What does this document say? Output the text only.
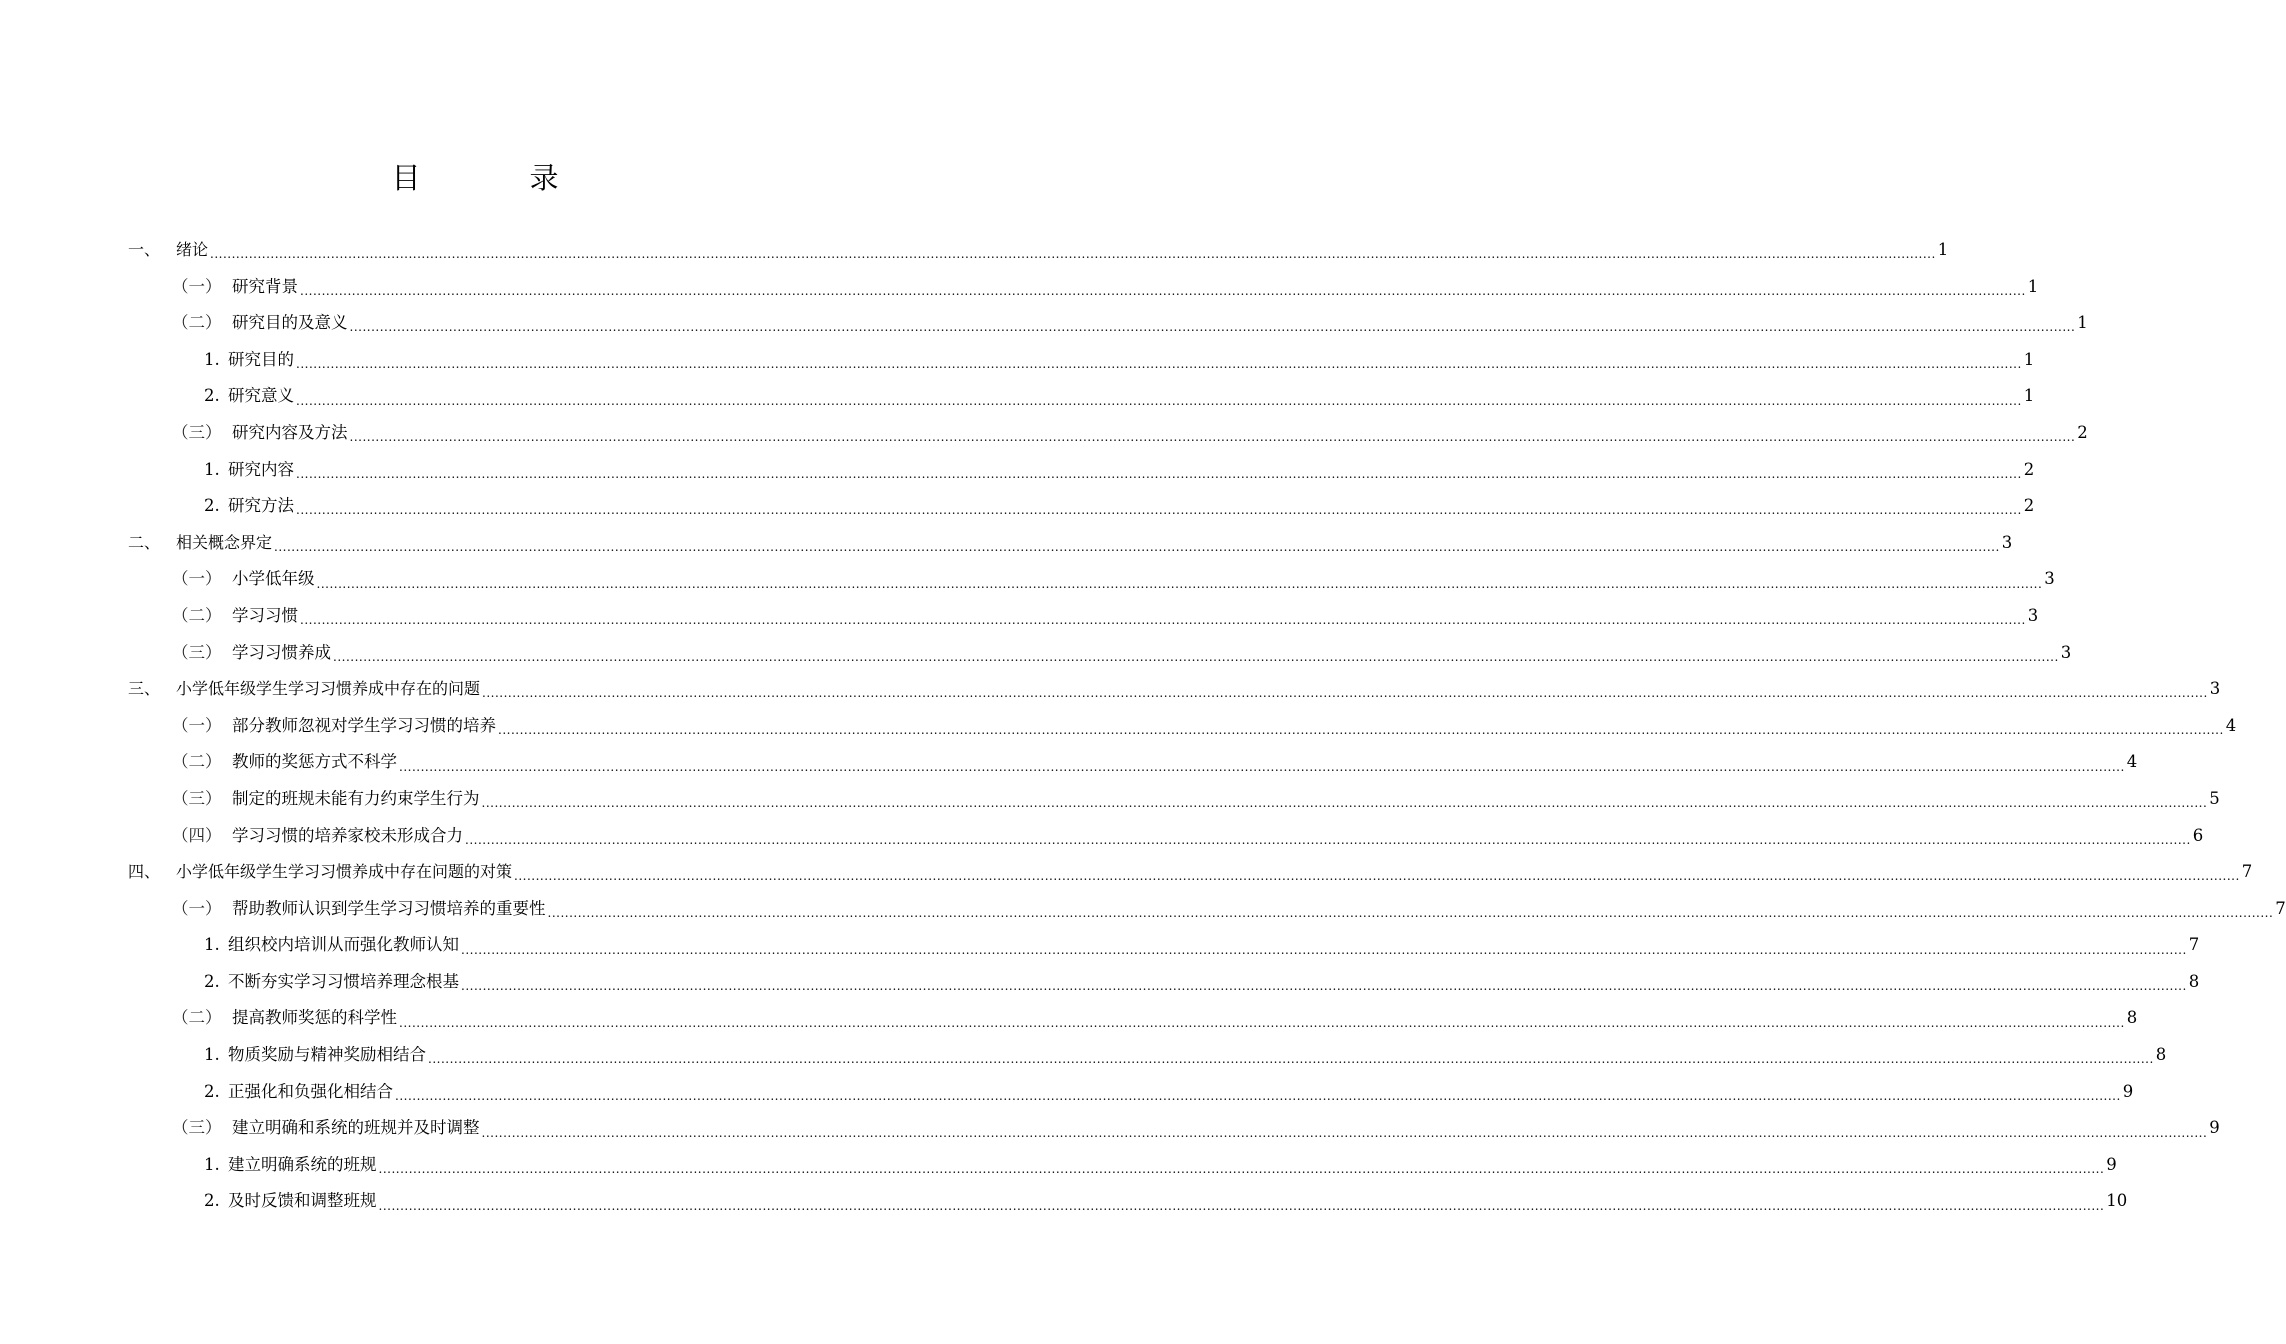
目　录
一、 绪论 ................................................................................................................................................................................................................................................................................................................................................................................................................ 1
（一） 研究背景 ................................................................................................................................................................................................................................................................................................................................................................................................................ 1
（二） 研究目的及意义 ................................................................................................................................................................................................................................................................................................................................................................................................................ 1
1. 研究目的 ................................................................................................................................................................................................................................................................................................................................................................................................................ 1
2. 研究意义 ................................................................................................................................................................................................................................................................................................................................................................................................................ 1
（三） 研究内容及方法 ................................................................................................................................................................................................................................................................................................................................................................................................................ 2
1. 研究内容 ................................................................................................................................................................................................................................................................................................................................................................................................................ 2
2. 研究方法 ................................................................................................................................................................................................................................................................................................................................................................................................................ 2
二、 相关概念界定 ................................................................................................................................................................................................................................................................................................................................................................................................................ 3
（一） 小学低年级 ................................................................................................................................................................................................................................................................................................................................................................................................................ 3
（二） 学习习惯 ................................................................................................................................................................................................................................................................................................................................................................................................................ 3
（三） 学习习惯养成 ................................................................................................................................................................................................................................................................................................................................................................................................................ 3
三、 小学低年级学生学习习惯养成中存在的问题 ................................................................................................................................................................................................................................................................................................................................................................................................................ 3
（一） 部分教师忽视对学生学习习惯的培养 ................................................................................................................................................................................................................................................................................................................................................................................................................ 4
（二） 教师的奖惩方式不科学 ................................................................................................................................................................................................................................................................................................................................................................................................................ 4
（三） 制定的班规未能有力约束学生行为 ................................................................................................................................................................................................................................................................................................................................................................................................................ 5
（四） 学习习惯的培养家校未形成合力 ................................................................................................................................................................................................................................................................................................................................................................................................................ 6
四、 小学低年级学生学习习惯养成中存在问题的对策 ................................................................................................................................................................................................................................................................................................................................................................................................................ 7
（一） 帮助教师认识到学生学习习惯培养的重要性 ................................................................................................................................................................................................................................................................................................................................................................................................................ 7
1. 组织校内培训从而强化教师认知 ................................................................................................................................................................................................................................................................................................................................................................................................................ 7
2. 不断夯实学习习惯培养理念根基 ................................................................................................................................................................................................................................................................................................................................................................................................................ 8
（二） 提高教师奖惩的科学性 ................................................................................................................................................................................................................................................................................................................................................................................................................ 8
1. 物质奖励与精神奖励相结合 ................................................................................................................................................................................................................................................................................................................................................................................................................ 8
2. 正强化和负强化相结合 ................................................................................................................................................................................................................................................................................................................................................................................................................ 9
（三） 建立明确和系统的班规并及时调整 ................................................................................................................................................................................................................................................................................................................................................................................................................ 9
1. 建立明确系统的班规 ................................................................................................................................................................................................................................................................................................................................................................................................................ 9
2. 及时反馈和调整班规 ................................................................................................................................................................................................................................................................................................................................................................................................................ 10
